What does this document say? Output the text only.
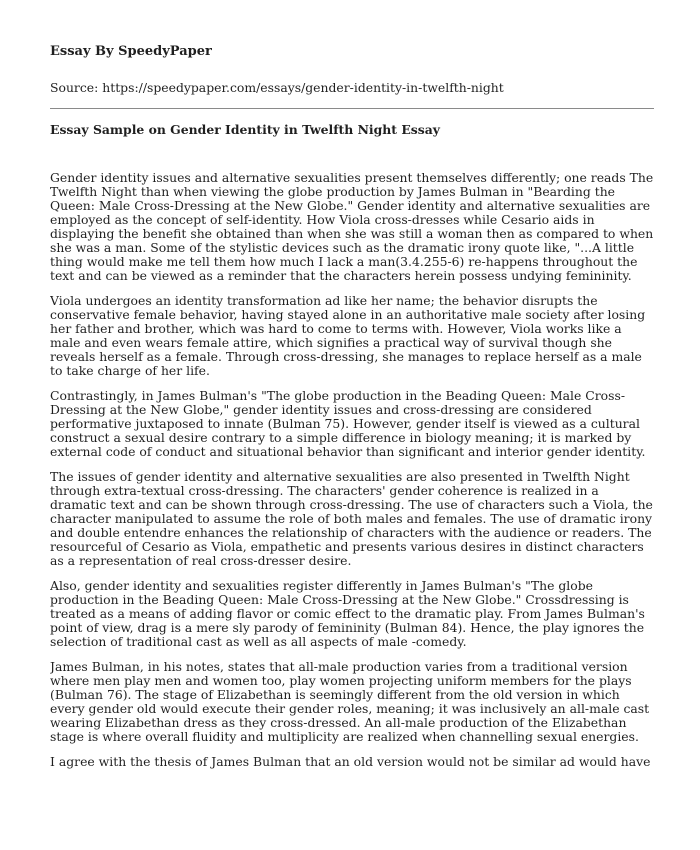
Essay By SpeedyPaper

Source: https://speedypaper.com/essays/gender-identity-in-twelfth-night

Essay Sample on Gender Identity in Twelfth Night Essay

Gender identity issues and alternative sexualities present themselves differently; one reads The Twelfth Night than when viewing the globe production by James Bulman in "Bearding the Queen: Male Cross-Dressing at the New Globe." Gender identity and alternative sexualities are employed as the concept of self-identity. How Viola cross-dresses while Cesario aids in displaying the benefit she obtained than when she was still a woman then as compared to when she was a man. Some of the stylistic devices such as the dramatic irony quote like, "...A little thing would make me tell them how much I lack a man(3.4.255-6) re-happens throughout the text and can be viewed as a reminder that the characters herein possess undying femininity.

Viola undergoes an identity transformation ad like her name; the behavior disrupts the conservative female behavior, having stayed alone in an authoritative male society after losing her father and brother, which was hard to come to terms with. However, Viola works like a male and even wears female attire, which signifies a practical way of survival though she reveals herself as a female. Through cross-dressing, she manages to replace herself as a male to take charge of her life.

Contrastingly, in James Bulman's "The globe production in the Beading Queen: Male Cross-Dressing at the New Globe," gender identity issues and cross-dressing are considered performative juxtaposed to innate (Bulman 75). However, gender itself is viewed as a cultural construct a sexual desire contrary to a simple difference in biology meaning; it is marked by external code of conduct and situational behavior than significant and interior gender identity.

The issues of gender identity and alternative sexualities are also presented in Twelfth Night through extra-textual cross-dressing. The characters' gender coherence is realized in a dramatic text and can be shown through cross-dressing. The use of characters such a Viola, the character manipulated to assume the role of both males and females. The use of dramatic irony and double entendre enhances the relationship of characters with the audience or readers. The resourceful of Cesario as Viola, empathetic and presents various desires in distinct characters as a representation of real cross-dresser desire.

Also, gender identity and sexualities register differently in James Bulman's "The globe production in the Beading Queen: Male Cross-Dressing at the New Globe." Crossdressing is treated as a means of adding flavor or comic effect to the dramatic play. From James Bulman's point of view, drag is a mere sly parody of femininity (Bulman 84). Hence, the play ignores the selection of traditional cast as well as all aspects of male -comedy.

James Bulman, in his notes, states that all-male production varies from a traditional version where men play men and women too, play women projecting uniform members for the plays (Bulman 76). The stage of Elizabethan is seemingly different from the old version in which every gender old would execute their gender roles, meaning; it was inclusively an all-male cast wearing Elizabethan dress as they cross-dressed. An all-male production of the Elizabethan stage is where overall fluidity and multiplicity are realized when channelling sexual energies.

I agree with the thesis of James Bulman that an old version would not be similar ad would have
